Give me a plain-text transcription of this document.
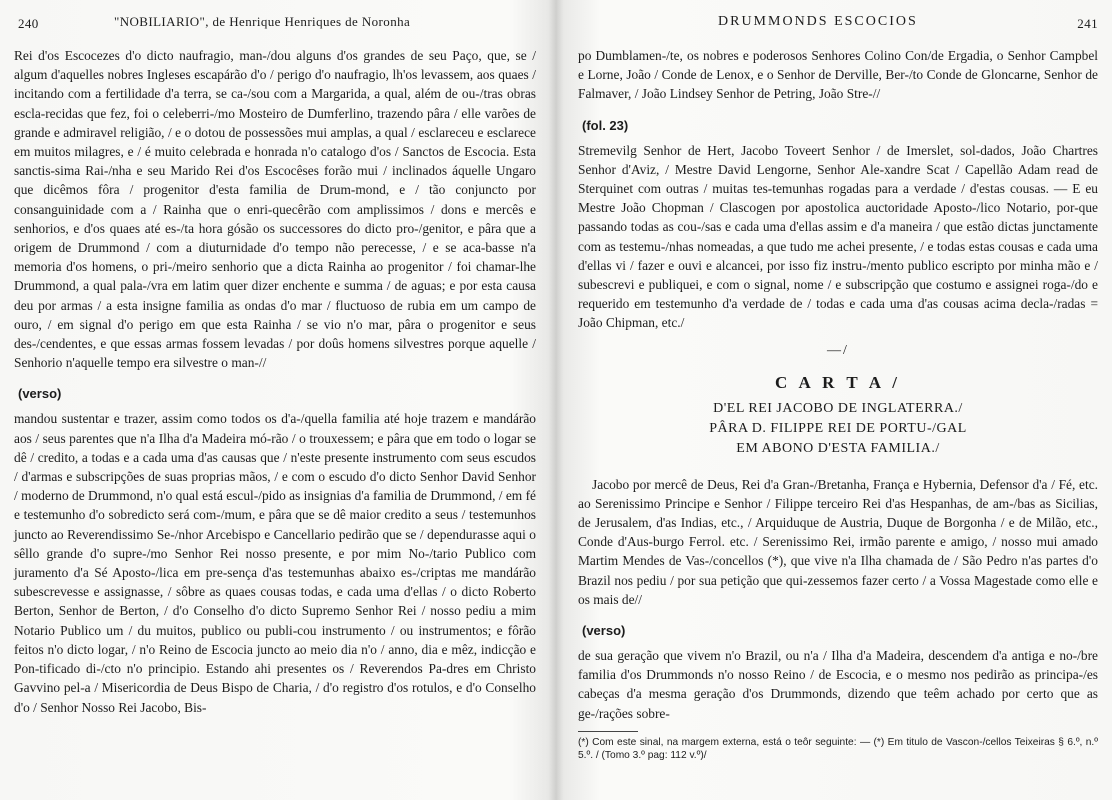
240	"NOBILIARIO", de Henrique Henriques de Noronha

Rei d'os Escocezes d'o dicto naufragio, man-/dou alguns d'os grandes de seu Paço, que, se / algum d'aquelles nobres Ingleses escapárão d'o / perigo d'o naufragio, lh'os levassem, aos quaes / incitando com a fertilidade d'a terra, se ca-/sou com a Margarida, a qual, além de ou-/tras obras escla-recidas que fez, foi o celeberri-/mo Mosteiro de Dumferlino, trazendo pâra / elle varões de grande e admiravel religião, / e o dotou de possessões mui amplas, a qual / esclareceu e esclarece em muitos milagres, e / é muito celebrada e honrada n'o catalogo d'os / Sanctos de Escocia. Esta sanctis-sima Rai-/nha e seu Marido Rei d'os Escocêses forão mui / inclinados áquelle Ungaro que dicêmos fôra / progenitor d'esta familia de Drum-mond, e / tão conjuncto por consanguinidade com a / Rainha que o enri-quecêrão com amplissimos / dons e mercês e senhorios, e d'os quaes até es-/ta hora gósão os successores do dicto pro-/genitor, e pâra que a origem de Drummond / com a diuturnidade d'o tempo não perecesse, / e se aca-basse n'a memoria d'os homens, o pri-/meiro senhorio que a dicta Rainha ao progenitor / foi chamar-lhe Drummond, a qual pala-/vra em latim quer dizer enchente e summa / de aguas; e por esta causa deu por armas / a esta insigne familia as ondas d'o mar / fluctuoso de rubia em um campo de ouro, / em signal d'o perigo em que esta Rainha / se vio n'o mar, pâra o progenitor e seus des-/cendentes, e que essas armas fossem levadas / por doûs homens silvestres porque aquelle / Senhorio n'aquelle tempo era silvestre o man-//

(verso)

mandou sustentar e trazer, assim como todos os d'a-/quella familia até hoje trazem e mandárão aos / seus parentes que n'a Ilha d'a Madeira mó-rão / o trouxessem; e pâra que em todo o logar se dê / credito, a todas e a cada uma d'as causas que / n'este presente instrumento com seus escudos / d'armas e subscripções de suas proprias mãos, / e com o escudo d'o dicto Senhor David Senhor / moderno de Drummond, n'o qual está escul-/pido as insignias d'a familia de Drummond, / em fé e testemunho d'o sobredicto será com-/mum, e pâra que se dê maior credito a seus / testemunhos juncto ao Reverendissimo Se-/nhor Arcebispo e Cancellario pedirão que se / dependurasse aqui o sêllo grande d'o supre-/mo Senhor Rei nosso presente, e por mim No-/tario Publico com juramento d'a Sé Aposto-/lica em pre-sença d'as testemunhas abaixo es-/criptas me mandárão subescrevesse e assignasse, / sôbre as quaes cousas todas, e cada uma d'ellas / o dicto Roberto Berton, Senhor de Berton, / d'o Conselho d'o dicto Supremo Senhor Rei / nosso pediu a mim Notario Publico um / du muitos, publico ou publi-cou instrumento / ou instrumentos; e fôrão feitos n'o dicto logar, / n'o Reino de Escocia juncto ao meio dia n'o / anno, dia e mêz, indicção e Pon-tificado di-/cto n'o principio. Estando ahi presentes os / Reverendos Pa-dres em Christo Gavvino pel-a / Misericordia de Deus Bispo de Charia, / d'o registro d'os rotulos, e d'o Conselho d'o / Senhor Nosso Rei Jacobo, Bis-

DRUMMONDS ESCOCIOS	241

po Dumblamen-/te, os nobres e poderosos Senhores Colino Con/de Ergadia, o Senhor Campbel e Lorne, João / Conde de Lenox, e o Senhor de Derville, Ber-/to Conde de Gloncarne, Senhor de Falmaver, / João Lindsey Senhor de Petring, João Stre-//

(fol. 23)

Stremevilg Senhor de Hert, Jacobo Toveert Senhor / de Imerslet, sol-dados, João Chartres Senhor d'Aviz, / Mestre David Lengorne, Senhor Ale-xandre Scat / Capellão Adam read de Sterquinet com outras / muitas tes-temunhas rogadas para a verdade / d'estas cousas. — E eu Mestre João Chopman / Clascogen por apostolica auctoridade Aposto-/lico Notario, por-que passando todas as cou-/sas e cada uma d'ellas assim e d'a maneira / que estão dictas junctamente com as testemu-/nhas nomeadas, a que tudo me achei presente, / e todas estas cousas e cada uma d'ellas vi / fazer e ouvi e alcancei, por isso fiz instru-/mento publico escripto por minha mão e / subescrevi e publiquei, e com o signal, nome / e subscripção que costumo e assignei roga-/do e requerido em testemunho d'a verdade de / todas e cada uma d'as cousas acima decla-/radas = João Chipman, etc./

—/
C A R T A /
D'EL REI JACOBO DE INGLATERRA./
PÂRA D. FILIPPE REI DE PORTU-/GAL
EM ABONO D'ESTA FAMILIA./

Jacobo por mercê de Deus, Rei d'a Gran-/Bretanha, França e Hybernia, Defensor d'a / Fé, etc. ao Serenissimo Principe e Senhor / Filippe terceiro Rei d'as Hespanhas, de am-/bas as Sicilias, de Jerusalem, d'as Indias, etc., / Arquiduque de Austria, Duque de Borgonha / e de Milão, etc., Conde d'Aus-burgo Ferrol. etc. / Serenissimo Rei, irmão parente e amigo, / nosso mui amado Martim Mendes de Vas-/concellos (*), que vive n'a Ilha chamada de / São Pedro n'as partes d'o Brazil nos pediu / por sua petição que qui-zessemos fazer certo / a Vossa Magestade como elle e os mais de//

(verso)

de sua geração que vivem n'o Brazil, ou n'a / Ilha d'a Madeira, descendem d'a antiga e no-/bre familia d'os Drummonds n'o nosso Reino / de Escocia, e o mesmo nos pedirão as principa-/es cabeças d'a mesma geração d'os Drummonds, dizendo que teêm achado por certo que as ge-/rações sobre-

(*) Com este sinal, na margem externa, está o teôr seguinte: — (*) Em titulo de Vascon-/cellos Teixeiras § 6.º, n.º 5.º. / (Tomo 3.º pag: 112 v.º)/
